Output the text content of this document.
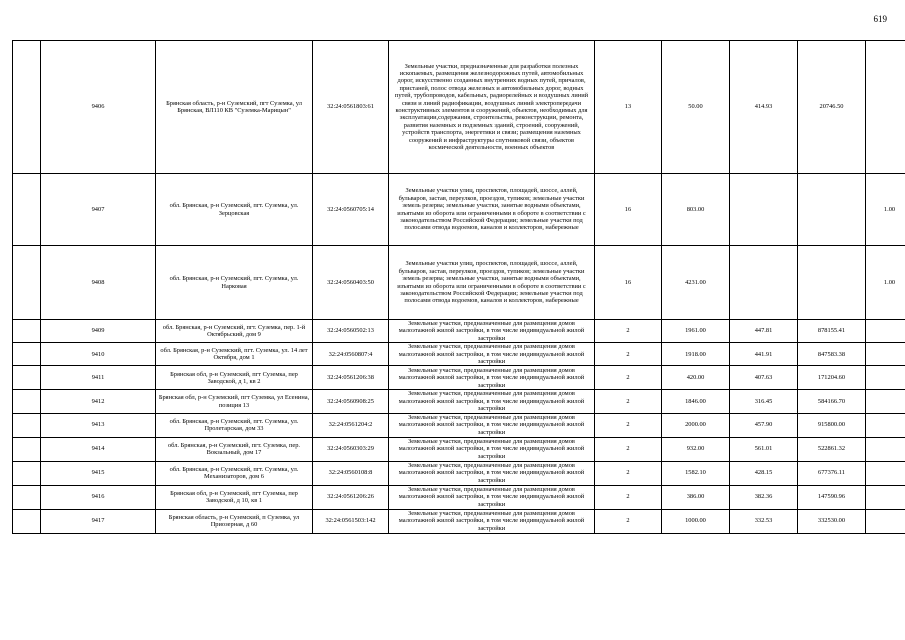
619
	9406	Брянская область, р-н Суземский, пгт Суземка, ул Брянская, ВЛ110 КВ "Суземка-Марицын"	32:24:0561803:61	Земельные участки, предназначенные для разработки полезных ископаемых, размещения железнодорожных путей, автомобильных дорог, искусственно созданных внутренних водных путей, причалов, пристаней, полос отвода железных и автомобильных дорог, водных путей, трубопроводов, кабельных, радиорелейных и воздушных линий связи и линий радиофикации, воздушных линий электропередачи конструктивных элементов и сооружений, объектов, необходимых для эксплуатации,содержания, строительства, реконструкции, ремонта, развития наземных и подземных зданий, строений, сооружений, устройств транспорта, энергетики и связи; размещения наземных сооружений и инфраструктуры спутниковой связи, объектов космической деятельности, военных объектов	13	50.00	414.93	20746.50	
	9407	обл. Брянская, р-н Суземский, пгт. Суземка, ул. Зерцовская	32:24:0560705:14	Земельные участки улиц, проспектов, площадей, шоссе, аллей, бульваров, застав, переулков, проездов, тупиков; земельные участки земель резерва; земельные участки, занятые водными объектами, изъятыми из оборота или ограниченными в обороте в соответствии с законодательством Российской Федерации; земельные участки под полосами отвода водоемов, каналов и коллекторов, набережные	16	803.00			1.00
	9408	обл. Брянская, р-н Суземский, пгт. Суземка, ул. Нарковая	32:24:0560403:50	Земельные участки улиц, проспектов, площадей, шоссе, аллей, бульваров, застав, переулков, проездов, тупиков; земельные участки земель резерва; земельные участки, занятые водными объектами, изъятыми из оборота или ограниченными в обороте в соответствии с законодательством Российской Федерации; земельные участки под полосами отвода водоемов, каналов и коллекторов, набережные	16	4231.00			1.00
	9409	обл. Брянская, р-н Суземский, пгт. Суземка, пер. 1-й Октябрьский, дом 9	32:24:0560502:13	Земельные участки, предназначенные для размещения домов малоэтажной жилой застройки, в том числе индивидуальной жилой застройки	2	1961.00	447.81	878155.41	
	9410	обл. Брянская, р-н Суземский, пгт. Суземка, ул. 14 лет Октября, дом 1	32:24:0560807:4	Земельные участки, предназначенные для размещения домов малоэтажной жилой застройки, в том числе индивидуальной жилой застройки	2	1918.00	441.91	847583.38	
	9411	Брянская обл, р-н Суземский, пгт Суземка, пер Заводской, д 1, кв 2	32:24:0561206:38	Земельные участки, предназначенные для размещения домов малоэтажной жилой застройки, в том числе индивидуальной жилой застройки	2	420.00	407.63	171204.60	
	9412	Брянская обл, р-н Суземский, пгт Суземка, ул Есенина, позиция 13	32:24:0560908:25	Земельные участки, предназначенные для размещения домов малоэтажной жилой застройки, в том числе индивидуальной жилой застройки	2	1846.00	316.45	584166.70	
	9413	обл. Брянская, р-н Суземский, пгт. Суземка, ул. Пролетарская, дом 33	32:24:0561204:2	Земельные участки, предназначенные для размещения домов малоэтажной жилой застройки, в том числе индивидуальной жилой застройки	2	2000.00	457.90	915800.00	
	9414	обл. Брянская, р-н Суземский, пгт. Суземка, пер. Вокзальный, дом 17	32:24:0560303:29	Земельные участки, предназначенные для размещения домов малоэтажной жилой застройки, в том числе индивидуальной жилой застройки	2	932.00	561.01	522861.32	
	9415	обл. Брянская, р-н Суземский, пгт. Суземка, ул. Механизаторов, дом 6	32:24:0560108:8	Земельные участки, предназначенные для размещения домов малоэтажной жилой застройки, в том числе индивидуальной жилой застройки	2	1582.10	428.15	677376.11	
	9416	Брянская обл, р-н Суземский, пгт Суземка, пер Заводской, д 10, кв 1	32:24:0561206:26	Земельные участки, предназначенные для размещения домов малоэтажной жилой застройки, в том числе индивидуальной жилой застройки	2	386.00	382.36	147590.96	
	9417	Брянская область, р-н Суземский, п Суземка, ул Приозерная, д 60	32:24:0561503:142	Земельные участки, предназначенные для размещения домов малоэтажной жилой застройки, в том числе индивидуальной жилой застройки	2	1000.00	332.53	332530.00	
